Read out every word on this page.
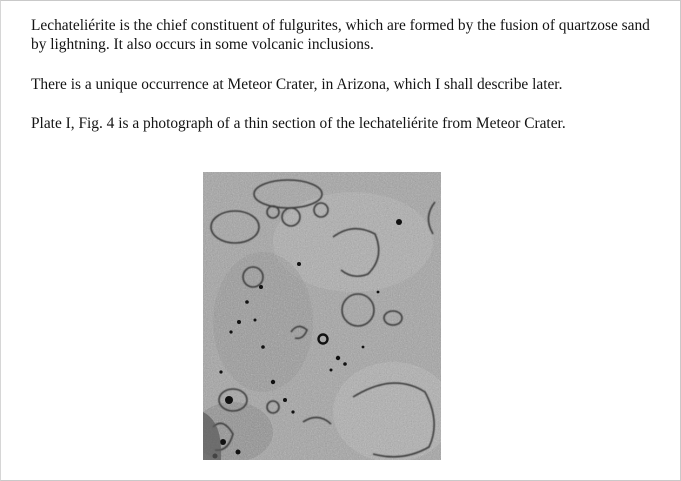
Lechateliérite is the chief constituent of fulgurites, which are formed by the fusion of quartzose sand by lightning. It also occurs in some volcanic inclusions.

There is a unique occurrence at Meteor Crater, in Arizona, which I shall describe later.

Plate I, Fig. 4 is a photograph of a thin section of the lechateliérite from Meteor Crater.
